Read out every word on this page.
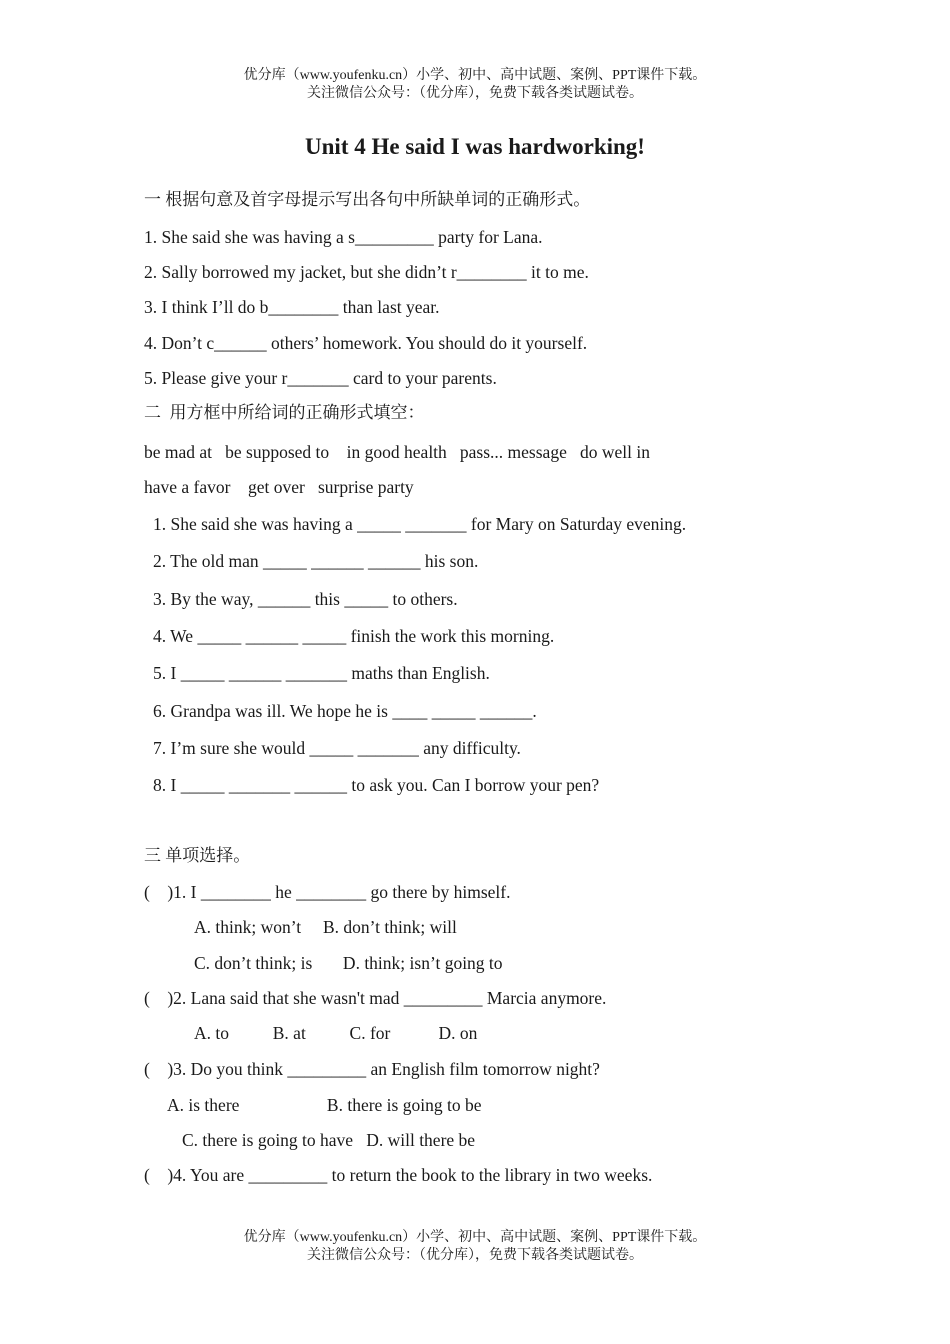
优分库（www.youfenku.cn）小学、初中、高中试题、案例、PPT课件下载。
关注微信公众号：（优分库），免费下载各类试题试卷。
Unit 4 He said I was hardworking!
一 根据句意及首字母提示写出各句中所缺单词的正确形式。
1. She said she was having a s_________ party for Lana.
2. Sally borrowed my jacket, but she didn’t r________ it to me.
3. I think I’ll do b________ than last year.
4. Don’t c______ others’ homework. You should do it yourself.
5. Please give your r_______ card to your parents.
二  用方框中所给词的正确形式填空：
be mad at   be supposed to    in good health   pass... message   do well in
have a favor    get over   surprise party
1. She said she was having a _____ _______ for Mary on Saturday evening.
2. The old man _____ ______ ______ his son.
3. By the way, ______ this _____ to others.
4. We _____ ______ _____ finish the work this morning.
5. I _____ ______ _______ maths than English.
6. Grandpa was ill. We hope he is ____ _____ ______.
7. I’m sure she would _____ _______ any difficulty.
8. I _____ _______ ______ to ask you. Can I borrow your pen?
三 单项选择。
(    )1. I ________ he ________ go there by himself.
A. think; won’t     B. don’t think; will
C. don’t think; is       D. think; isn’t going to
(    )2. Lana said that she wasn't mad _________ Marcia anymore.
A. to          B. at          C. for           D. on
(    )3. Do you think _________ an English film tomorrow night?
A. is there                    B. there is going to be
C. there is going to have   D. will there be
(    )4. You are _________ to return the book to the library in two weeks.
优分库（www.youfenku.cn）小学、初中、高中试题、案例、PPT课件下载。
关注微信公众号：（优分库），免费下载各类试题试卷。
